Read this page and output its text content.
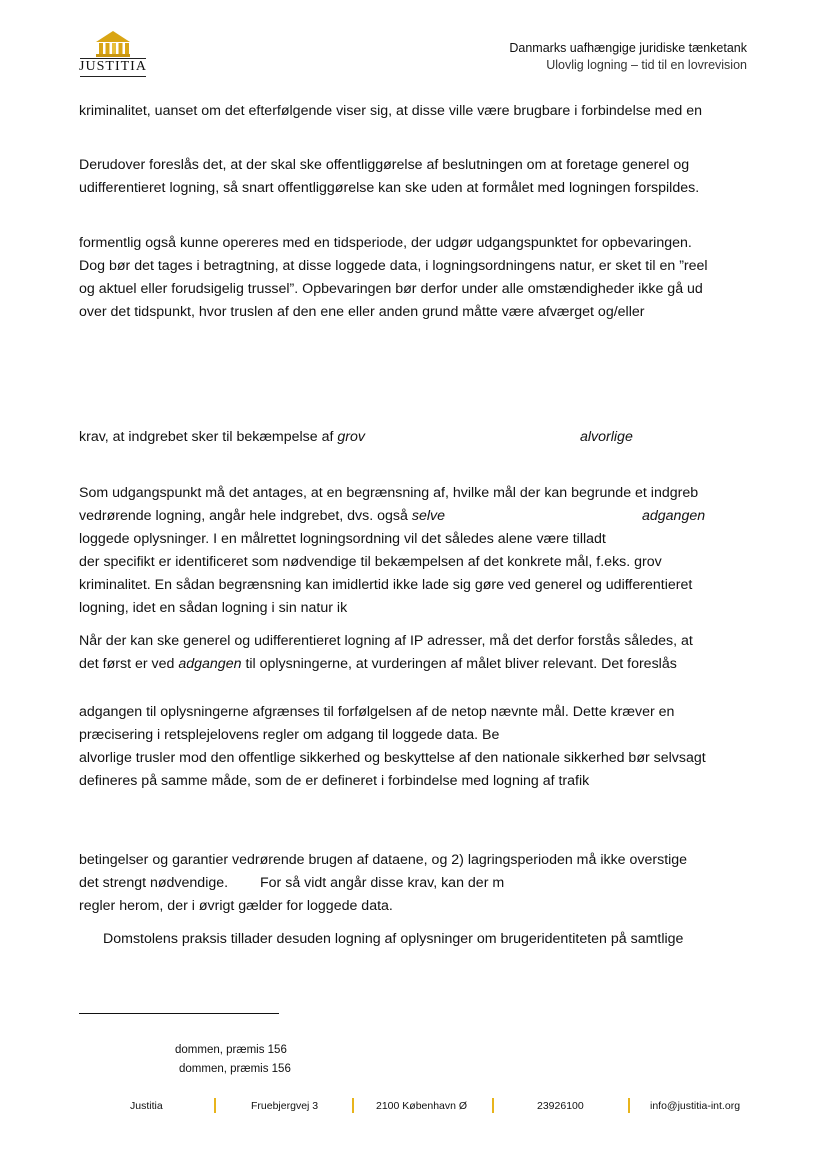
JUSTITIA
Danmarks uafhængige juridiske tænketank
Ulovlig logning – tid til en lovrevision
kriminalitet, uanset om det efterfølgende viser sig, at disse ville være brugbare i forbindelse med en
Derudover foreslås det, at der skal ske offentliggørelse af beslutningen om at foretage generel og
udifferentieret logning, så snart offentliggørelse kan ske uden at formålet med logningen forspildes.
formentlig også kunne opereres med en tidsperiode, der udgør udgangspunktet for opbevaringen.
Dog bør det tages i betragtning, at disse loggede data, i logningsordningens natur, er sket til en ”reel
og aktuel eller forudsigelig trussel”. Opbevaringen bør derfor under alle omstændigheder ikke gå ud
over det tidspunkt, hvor truslen af den ene eller anden grund måtte være afværget og/eller
krav, at indgrebet sker til bekæmpelse af grov	alvorlige
Som udgangspunkt må det antages, at en begrænsning af, hvilke mål der kan begrunde et indgreb
vedrørende logning, angår hele indgrebet, dvs. også selve	adgangen
loggede oplysninger. I en målrettet logningsordning vil det således alene være tilladt
der specifikt er identificeret som nødvendige til bekæmpelsen af det konkrete mål, f.eks. grov
kriminalitet. En sådan begrænsning kan imidlertid ikke lade sig gøre ved generel og udifferentieret
logning, idet en sådan logning i sin natur ik
Når der kan ske generel og udifferentieret logning af IP adresser, må det derfor forstås således, at
det først er ved adgangen til oplysningerne, at vurderingen af målet bliver relevant. Det foreslås
adgangen til oplysningerne afgrænses til forfølgelsen af de netop nævnte mål. Dette kræver en
præcisering i retsplejelovens regler om adgang til loggede data. Be
alvorlige trusler mod den offentlige sikkerhed og beskyttelse af den nationale sikkerhed bør selvsagt
defineres på samme måde, som de er defineret i forbindelse med logning af trafik
betingelser og garantier vedrørende brugen af dataene, og 2) lagringsperioden må ikke overstige
det strengt nødvendige. For så vidt angår disse krav, kan der m
regler herom, der i øvrigt gælder for loggede data.
Domstolens praksis tillader desuden logning af oplysninger om brugeridentiteten på samtlige
dommen, præmis 156
dommen, præmis 156
Justitia	Fruebjergvej 3	2100 København Ø	23926100	info@justitia-int.org
